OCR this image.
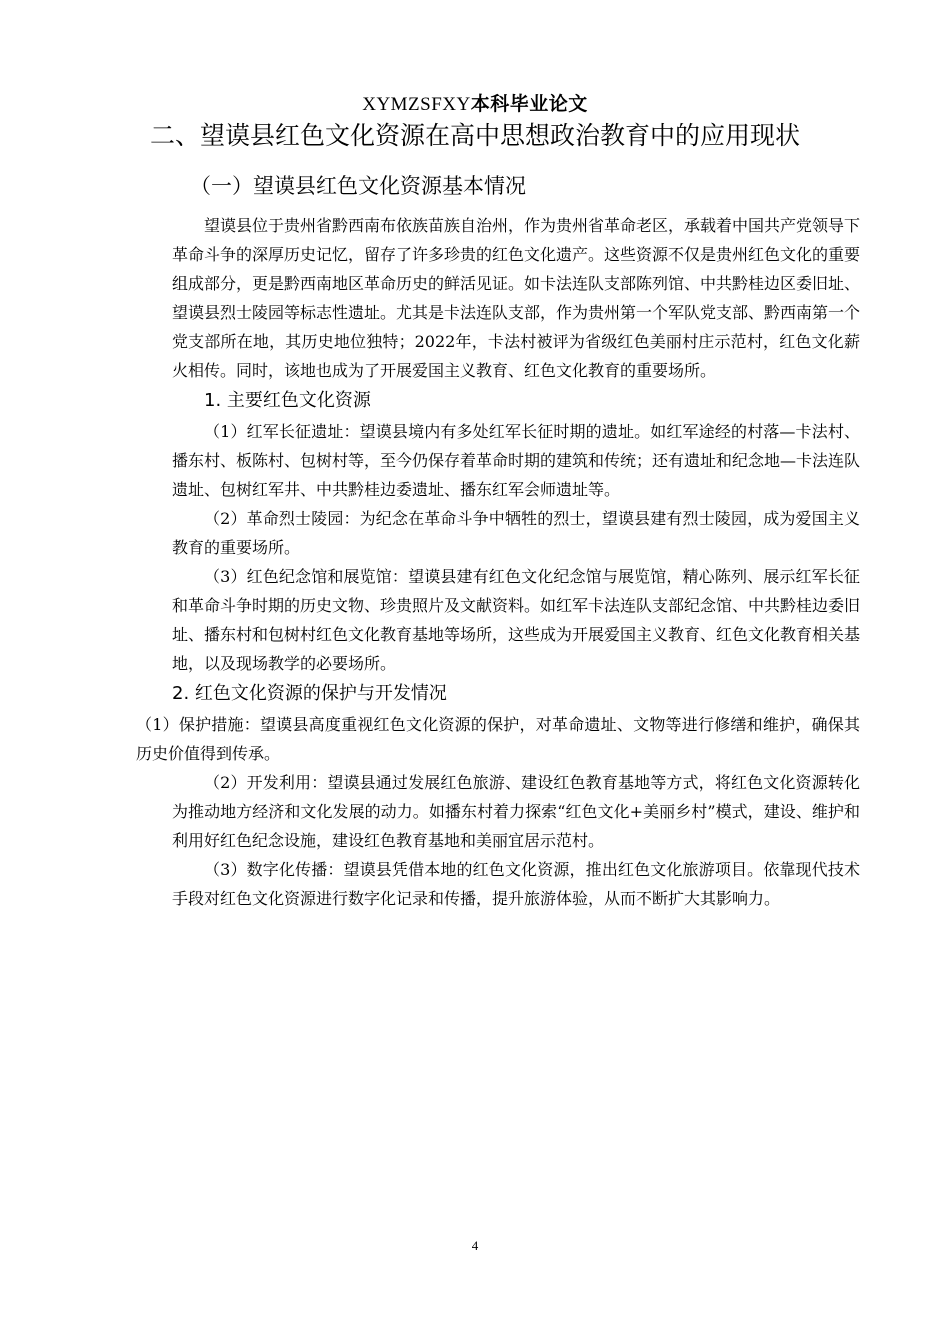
XYMZSFXY本科毕业论文
二、望谟县红色文化资源在高中思想政治教育中的应用现状
（一）望谟县红色文化资源基本情况

望谟县位于贵州省黔西南布依族苗族自治州，作为贵州省革命老区，承载着中国共产党领导下革命斗争的深厚历史记忆，留存了许多珍贵的红色文化遗产。这些资源不仅是贵州红色文化的重要组成部分，更是黔西南地区革命历史的鲜活见证。如卡法连队支部陈列馆、中共黔桂边区委旧址、望谟县烈士陵园等标志性遗址。尤其是卡法连队支部，作为贵州第一个军队党支部、黔西南第一个党支部所在地，其历史地位独特；2022年，卡法村被评为省级红色美丽村庄示范村，红色文化薪火相传。同时，该地也成为了开展爱国主义教育、红色文化教育的重要场所。

1. 主要红色文化资源

（1）红军长征遗址：望谟县境内有多处红军长征时期的遗址。如红军途经的村落—卡法村、播东村、板陈村、包树村等，至今仍保存着革命时期的建筑和传统；还有遗址和纪念地—卡法连队遗址、包树红军井、中共黔桂边委遗址、播东红军会师遗址等。

（2）革命烈士陵园：为纪念在革命斗争中牺牲的烈士，望谟县建有烈士陵园，成为爱国主义教育的重要场所。

（3）红色纪念馆和展览馆：望谟县建有红色文化纪念馆与展览馆，精心陈列、展示红军长征和革命斗争时期的历史文物、珍贵照片及文献资料。如红军卡法连队支部纪念馆、中共黔桂边委旧址、播东村和包树村红色文化教育基地等场所，这些成为开展爱国主义教育、红色文化教育相关基地，以及现场教学的必要场所。

2. 红色文化资源的保护与开发情况

（1）保护措施：望谟县高度重视红色文化资源的保护，对革命遗址、文物等进行修缮和维护，确保其历史价值得到传承。

（2）开发利用：望谟县通过发展红色旅游、建设红色教育基地等方式，将红色文化资源转化为推动地方经济和文化发展的动力。如播东村着力探索“红色文化+美丽乡村”模式，建设、维护和利用好红色纪念设施，建设红色教育基地和美丽宜居示范村。

（3）数字化传播：望谟县凭借本地的红色文化资源，推出红色文化旅游项目。依靠现代技术手段对红色文化资源进行数字化记录和传播，提升旅游体验，从而不断扩大其影响力。

4
